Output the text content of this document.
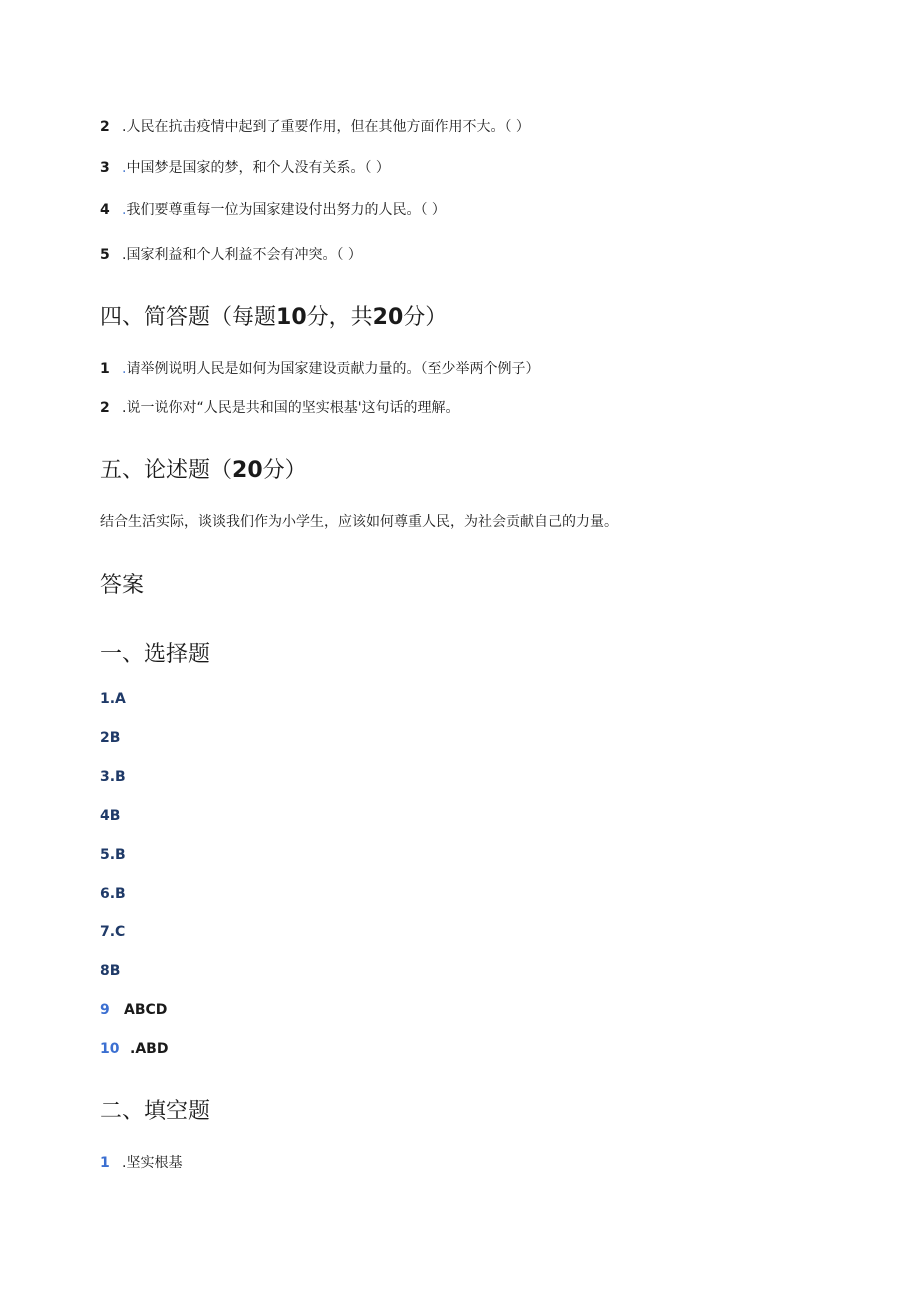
2 .人民在抗击疫情中起到了重要作用，但在其他方面作用不大。（ ）
3 .中国梦是国家的梦，和个人没有关系。（ ）
4 .我们要尊重每一位为国家建设付出努力的人民。（ ）
5 .国家利益和个人利益不会有冲突。（ ）
四、简答题（每题10分，共20分）
1 .请举例说明人民是如何为国家建设贡献力量的。（至少举两个例子）
2 .说一说你对“人民是共和国的坚实根基'这句话的理解。
五、论述题（20分）
结合生活实际，谈谈我们作为小学生，应该如何尊重人民，为社会贡献自己的力量。
答案
一、选择题
1.A
2B
3.B
4B
5.B
6.B
7.C
8B
9 ABCD
10 .ABD
二、填空题
1 .坚实根基
